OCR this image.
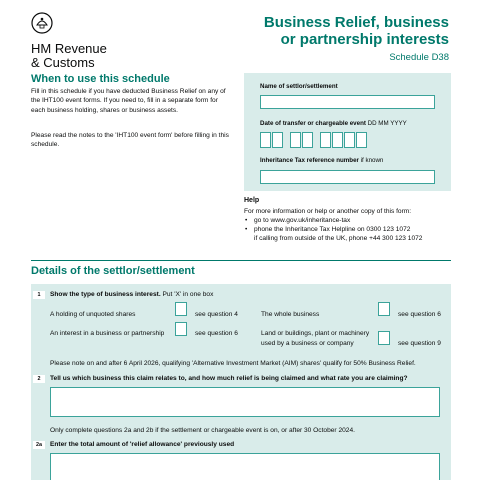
HM Revenue
& Customs
Business Relief, business
or partnership interests
Schedule D38
When to use this schedule
Fill in this schedule if you have deducted Business Relief on any of the IHT100 event forms. If you need to, fill in a separate form for each business holding, shares or business assets.
Please read the notes to the 'IHT100 event form' before filling in this schedule.
Name of settlor/settlement
Date of transfer or chargeable event DD MM YYYY
Inheritance Tax reference number if known
Help
For more information or help or another copy of this form:
• go to www.gov.uk/inheritance-tax
• phone the Inheritance Tax Helpline on 0300 123 1072
if calling from outside of the UK, phone +44 300 123 1072
Details of the settlor/settlement
1	Show the type of business interest. Put 'X' in one box
A holding of unquoted shares	see question 4	The whole business	see question 6
An interest in a business or partnership	see question 6	Land or buildings, plant or machinery
used by a business or company	see question 9
Please note on and after 6 April 2026, qualifying 'Alternative Investment Market (AIM) shares' qualify for 50% Business Relief.
2	Tell us which business this claim relates to, and how much relief is being claimed and what rate you are claiming?
Only complete questions 2a and 2b if the settlement or chargeable event is on, or after 30 October 2024.
2a	Enter the total amount of 'relief allowance' previously used
